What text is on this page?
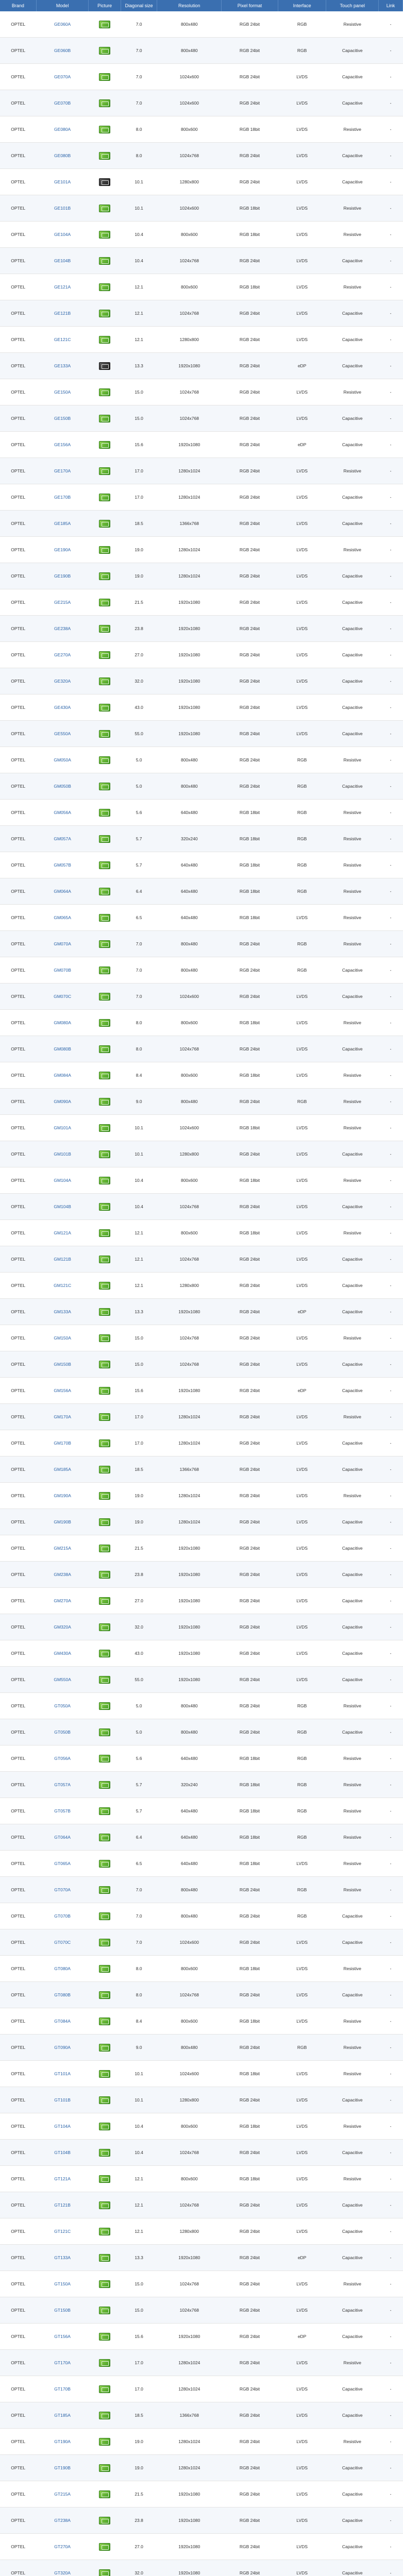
Brand	Model	Picture	Diagonal size	Resolution	Pixel format	Interface	Touch panel	Link
OPTEL	GE060A		7.0	800x480	RGB 24bit	RGB	Resistive	-
OPTEL	GE060B		7.0	800x480	RGB 24bit	RGB	Capacitive	-
OPTEL	GE070A		7.0	1024x600	RGB 24bit	LVDS	Capacitive	-
OPTEL	GE070B		7.0	1024x600	RGB 24bit	LVDS	Capacitive	-
OPTEL	GE080A		8.0	800x600	RGB 18bit	LVDS	Resistive	-
OPTEL	GE080B		8.0	1024x768	RGB 24bit	LVDS	Capacitive	-
OPTEL	GE101A		10.1	1280x800	RGB 24bit	LVDS	Capacitive	-
OPTEL	GE101B		10.1	1024x600	RGB 18bit	LVDS	Resistive	-
OPTEL	GE104A		10.4	800x600	RGB 18bit	LVDS	Resistive	-
OPTEL	GE104B		10.4	1024x768	RGB 24bit	LVDS	Capacitive	-
OPTEL	GE121A		12.1	800x600	RGB 18bit	LVDS	Resistive	-
OPTEL	GE121B		12.1	1024x768	RGB 24bit	LVDS	Capacitive	-
OPTEL	GE121C		12.1	1280x800	RGB 24bit	LVDS	Capacitive	-
OPTEL	GE133A		13.3	1920x1080	RGB 24bit	eDP	Capacitive	-
OPTEL	GE150A		15.0	1024x768	RGB 24bit	LVDS	Resistive	-
OPTEL	GE150B		15.0	1024x768	RGB 24bit	LVDS	Capacitive	-
OPTEL	GE156A		15.6	1920x1080	RGB 24bit	eDP	Capacitive	-
OPTEL	GE170A		17.0	1280x1024	RGB 24bit	LVDS	Resistive	-
OPTEL	GE170B		17.0	1280x1024	RGB 24bit	LVDS	Capacitive	-
OPTEL	GE185A		18.5	1366x768	RGB 24bit	LVDS	Capacitive	-
OPTEL	GE190A		19.0	1280x1024	RGB 24bit	LVDS	Resistive	-
OPTEL	GE190B		19.0	1280x1024	RGB 24bit	LVDS	Capacitive	-
OPTEL	GE215A		21.5	1920x1080	RGB 24bit	LVDS	Capacitive	-
OPTEL	GE238A		23.8	1920x1080	RGB 24bit	LVDS	Capacitive	-
OPTEL	GE270A		27.0	1920x1080	RGB 24bit	LVDS	Capacitive	-
OPTEL	GE320A		32.0	1920x1080	RGB 24bit	LVDS	Capacitive	-
OPTEL	GE430A		43.0	1920x1080	RGB 24bit	LVDS	Capacitive	-
OPTEL	GE550A		55.0	1920x1080	RGB 24bit	LVDS	Capacitive	-
OPTEL	GM050A		5.0	800x480	RGB 24bit	RGB	Resistive	-
OPTEL	GM050B		5.0	800x480	RGB 24bit	RGB	Capacitive	-
OPTEL	GM056A		5.6	640x480	RGB 18bit	RGB	Resistive	-
OPTEL	GM057A		5.7	320x240	RGB 18bit	RGB	Resistive	-
OPTEL	GM057B		5.7	640x480	RGB 18bit	RGB	Resistive	-
OPTEL	GM064A		6.4	640x480	RGB 18bit	RGB	Resistive	-
OPTEL	GM065A		6.5	640x480	RGB 18bit	LVDS	Resistive	-
OPTEL	GM070A		7.0	800x480	RGB 24bit	RGB	Resistive	-
OPTEL	GM070B		7.0	800x480	RGB 24bit	RGB	Capacitive	-
OPTEL	GM070C		7.0	1024x600	RGB 24bit	LVDS	Capacitive	-
OPTEL	GM080A		8.0	800x600	RGB 18bit	LVDS	Resistive	-
OPTEL	GM080B		8.0	1024x768	RGB 24bit	LVDS	Capacitive	-
OPTEL	GM084A		8.4	800x600	RGB 18bit	LVDS	Resistive	-
OPTEL	GM090A		9.0	800x480	RGB 24bit	RGB	Resistive	-
OPTEL	GM101A		10.1	1024x600	RGB 18bit	LVDS	Resistive	-
OPTEL	GM101B		10.1	1280x800	RGB 24bit	LVDS	Capacitive	-
OPTEL	GM104A		10.4	800x600	RGB 18bit	LVDS	Resistive	-
OPTEL	GM104B		10.4	1024x768	RGB 24bit	LVDS	Capacitive	-
OPTEL	GM121A		12.1	800x600	RGB 18bit	LVDS	Resistive	-
OPTEL	GM121B		12.1	1024x768	RGB 24bit	LVDS	Capacitive	-
OPTEL	GM121C		12.1	1280x800	RGB 24bit	LVDS	Capacitive	-
OPTEL	GM133A		13.3	1920x1080	RGB 24bit	eDP	Capacitive	-
OPTEL	GM150A		15.0	1024x768	RGB 24bit	LVDS	Resistive	-
OPTEL	GM150B		15.0	1024x768	RGB 24bit	LVDS	Capacitive	-
OPTEL	GM156A		15.6	1920x1080	RGB 24bit	eDP	Capacitive	-
OPTEL	GM170A		17.0	1280x1024	RGB 24bit	LVDS	Resistive	-
OPTEL	GM170B		17.0	1280x1024	RGB 24bit	LVDS	Capacitive	-
OPTEL	GM185A		18.5	1366x768	RGB 24bit	LVDS	Capacitive	-
OPTEL	GM190A		19.0	1280x1024	RGB 24bit	LVDS	Resistive	-
OPTEL	GM190B		19.0	1280x1024	RGB 24bit	LVDS	Capacitive	-
OPTEL	GM215A		21.5	1920x1080	RGB 24bit	LVDS	Capacitive	-
OPTEL	GM238A		23.8	1920x1080	RGB 24bit	LVDS	Capacitive	-
OPTEL	GM270A		27.0	1920x1080	RGB 24bit	LVDS	Capacitive	-
OPTEL	GM320A		32.0	1920x1080	RGB 24bit	LVDS	Capacitive	-
OPTEL	GM430A		43.0	1920x1080	RGB 24bit	LVDS	Capacitive	-
OPTEL	GM550A		55.0	1920x1080	RGB 24bit	LVDS	Capacitive	-
OPTEL	GT050A		5.0	800x480	RGB 24bit	RGB	Resistive	-
OPTEL	GT050B		5.0	800x480	RGB 24bit	RGB	Capacitive	-
OPTEL	GT056A		5.6	640x480	RGB 18bit	RGB	Resistive	-
OPTEL	GT057A		5.7	320x240	RGB 18bit	RGB	Resistive	-
OPTEL	GT057B		5.7	640x480	RGB 18bit	RGB	Resistive	-
OPTEL	GT064A		6.4	640x480	RGB 18bit	RGB	Resistive	-
OPTEL	GT065A		6.5	640x480	RGB 18bit	LVDS	Resistive	-
OPTEL	GT070A		7.0	800x480	RGB 24bit	RGB	Resistive	-
OPTEL	GT070B		7.0	800x480	RGB 24bit	RGB	Capacitive	-
OPTEL	GT070C		7.0	1024x600	RGB 24bit	LVDS	Capacitive	-
OPTEL	GT080A		8.0	800x600	RGB 18bit	LVDS	Resistive	-
OPTEL	GT080B		8.0	1024x768	RGB 24bit	LVDS	Capacitive	-
OPTEL	GT084A		8.4	800x600	RGB 18bit	LVDS	Resistive	-
OPTEL	GT090A		9.0	800x480	RGB 24bit	RGB	Resistive	-
OPTEL	GT101A		10.1	1024x600	RGB 18bit	LVDS	Resistive	-
OPTEL	GT101B		10.1	1280x800	RGB 24bit	LVDS	Capacitive	-
OPTEL	GT104A		10.4	800x600	RGB 18bit	LVDS	Resistive	-
OPTEL	GT104B		10.4	1024x768	RGB 24bit	LVDS	Capacitive	-
OPTEL	GT121A		12.1	800x600	RGB 18bit	LVDS	Resistive	-
OPTEL	GT121B		12.1	1024x768	RGB 24bit	LVDS	Capacitive	-
OPTEL	GT121C		12.1	1280x800	RGB 24bit	LVDS	Capacitive	-
OPTEL	GT133A		13.3	1920x1080	RGB 24bit	eDP	Capacitive	-
OPTEL	GT150A		15.0	1024x768	RGB 24bit	LVDS	Resistive	-
OPTEL	GT150B		15.0	1024x768	RGB 24bit	LVDS	Capacitive	-
OPTEL	GT156A		15.6	1920x1080	RGB 24bit	eDP	Capacitive	-
OPTEL	GT170A		17.0	1280x1024	RGB 24bit	LVDS	Resistive	-
OPTEL	GT170B		17.0	1280x1024	RGB 24bit	LVDS	Capacitive	-
OPTEL	GT185A		18.5	1366x768	RGB 24bit	LVDS	Capacitive	-
OPTEL	GT190A		19.0	1280x1024	RGB 24bit	LVDS	Resistive	-
OPTEL	GT190B		19.0	1280x1024	RGB 24bit	LVDS	Capacitive	-
OPTEL	GT215A		21.5	1920x1080	RGB 24bit	LVDS	Capacitive	-
OPTEL	GT238A		23.8	1920x1080	RGB 24bit	LVDS	Capacitive	-
OPTEL	GT270A		27.0	1920x1080	RGB 24bit	LVDS	Capacitive	-
OPTEL	GT320A		32.0	1920x1080	RGB 24bit	LVDS	Capacitive	-
